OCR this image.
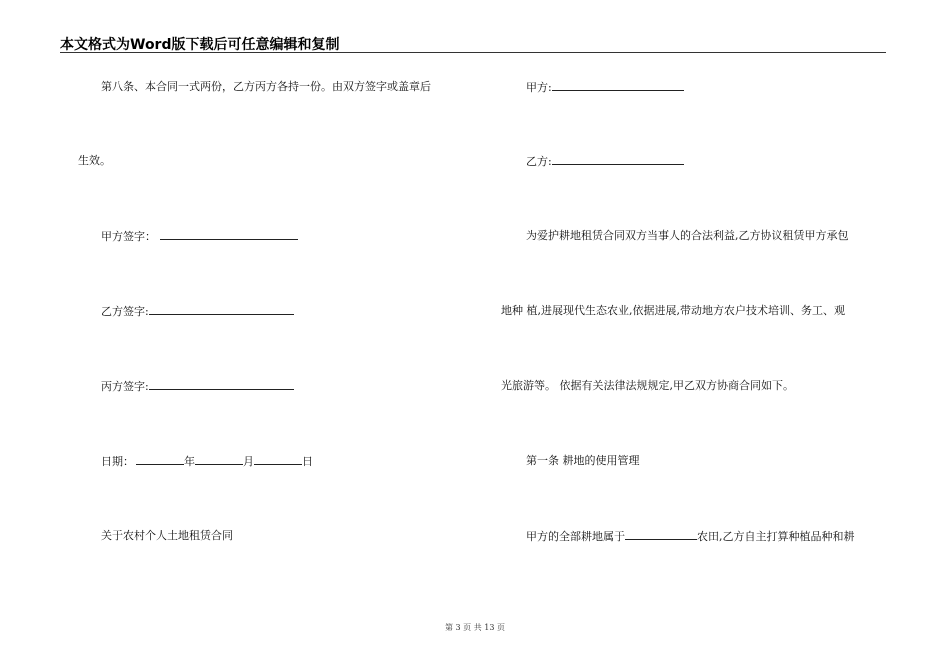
本文格式为Word版下载后可任意编辑和复制
第八条、本合同一式两份，乙方丙方各持一份。由双方签字或盖章后
生效。
甲方签字：
乙方签字:
丙方签字:
日期：	年	月	日
关于农村个人土地租赁合同
甲方:
乙方:
为爱护耕地租赁合同双方当事人的合法利益,乙方协议租赁甲方承包
地种 植,进展现代生态农业,依据进展,带动地方农户技术培训、务工、观
光旅游等。 依据有关法律法规规定,甲乙双方协商合同如下。
第一条 耕地的使用管理
甲方的全部耕地属于	农田,乙方自主打算种植品种和耕
第 3 页 共 13 页
